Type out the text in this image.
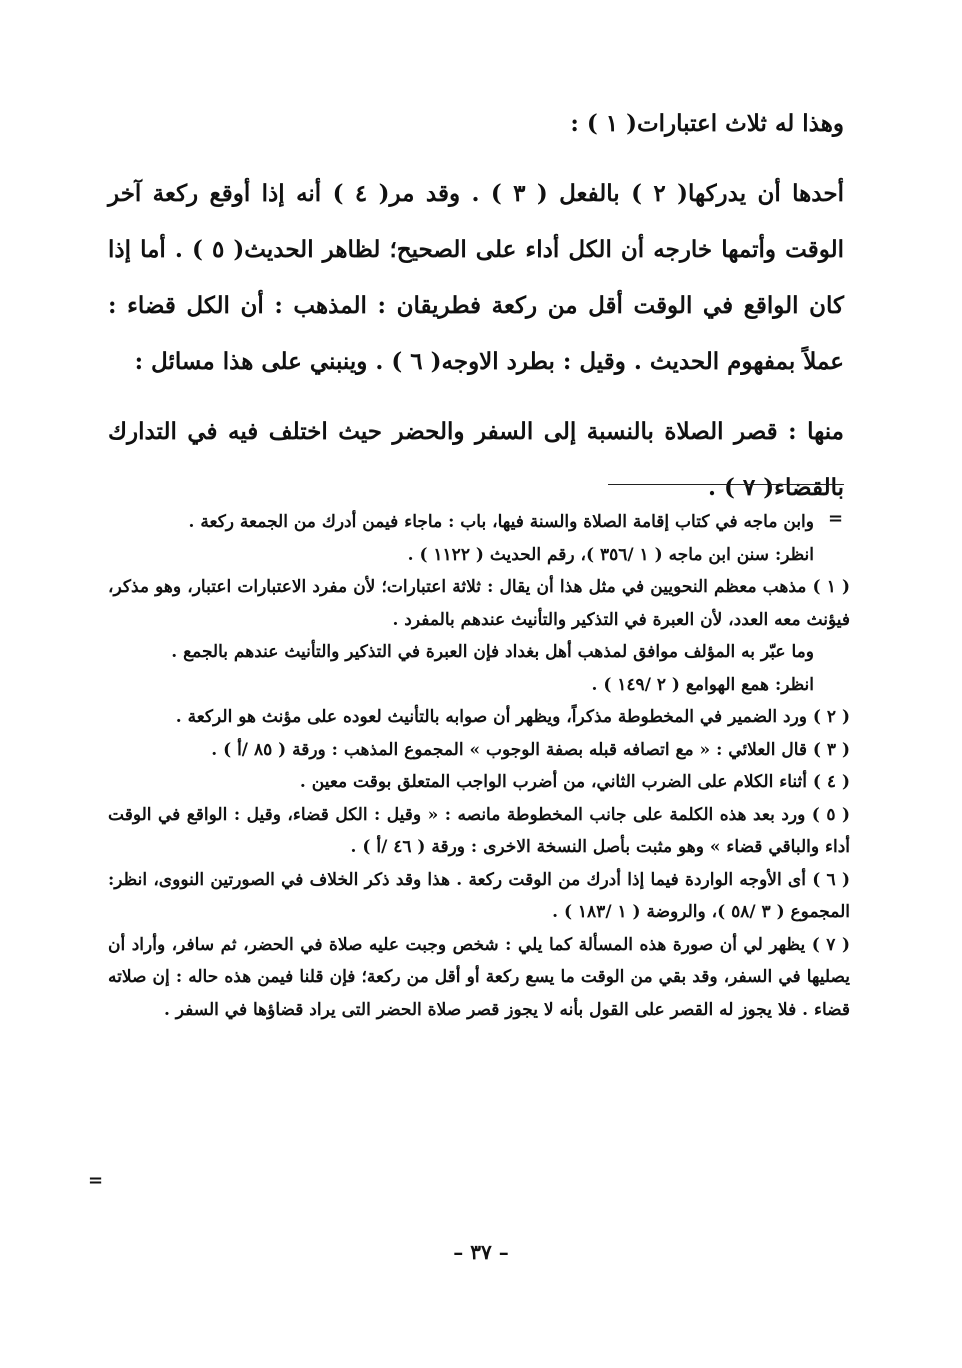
وهذا له ثلاث اعتبارات( ١ ) :

أحدها أن يدركها( ٢ ) بالفعل ( ٣ ) . وقد مر( ٤ ) أنه إذا أوقع ركعة آخر الوقت وأتمها خارجه أن الكل أداء على الصحيح؛ لظاهر الحديث( ٥ ) . أما إذا كان الواقع في الوقت أقل من ركعة فطريقان : المذهب : أن الكل قضاء : عملاً بمفهوم الحديث . وقيل : بطرد الاوجه( ٦ ) . وينبني على هذا مسائل :

منها : قصر الصلاة بالنسبة إلى السفر والحضر حيث اختلف فيه في التدارك بالقضاء( ٧ ) .

=

وابن ماجه في كتاب إقامة الصلاة والسنة فيها، باب : ماجاء فيمن أدرك من الجمعة ركعة .

انظر: سنن ابن ماجه ( ١ /٣٥٦ )، رقم الحديث ( ١١٢٢ ) .

( ١ ) مذهب معظم النحويين في مثل هذا أن يقال : ثلاثة اعتبارات؛ لأن مفرد الاعتبارات اعتبار، وهو مذكر، فيؤنث معه العدد، لأن العبرة في التذكير والتأنيث عندهم بالمفرد .

وما عبّر به المؤلف موافق لمذهب أهل بغداد فإن العبرة في التذكير والتأنيث عندهم بالجمع .

انظر: همع الهوامع ( ٢ /١٤٩ ) .

( ٢ ) ورد الضمير في المخطوطة مذكراً، ويظهر أن صوابه بالتأنيث لعوده على مؤنث هو الركعة .

( ٣ ) قال العلائي : « مع اتصافه قبله بصفة الوجوب » المجموع المذهب : ورقة ( ٨٥ /أ ) .

( ٤ ) أثناء الكلام على الضرب الثاني، من أضرب الواجب المتعلق بوقت معين .

( ٥ ) ورد بعد هذه الكلمة على جانب المخطوطة مانصه : « وقيل : الكل قضاء، وقيل : الواقع في الوقت أداء والباقي قضاء » وهو مثبت بأصل النسخة الاخرى : ورقة ( ٤٦ /أ ) .

( ٦ ) أى الأوجه الواردة فيما إذا أدرك من الوقت ركعة . هذا وقد ذكر الخلاف في الصورتين النووى، انظر: المجموع ( ٣ /٥٨ )، والروضة ( ١ /١٨٣ ) .

( ٧ ) يظهر لي أن صورة هذه المسألة كما يلي : شخص وجبت عليه صلاة في الحضر، ثم سافر، وأراد أن يصليها في السفر، وقد بقي من الوقت ما يسع ركعة أو أقل من ركعة؛ فإن قلنا فيمن هذه حاله : إن صلاته قضاء . فلا يجوز له القصر على القول بأنه لا يجوز قصر صلاة الحضر التى يراد قضاؤها في السفر .

=
– ٣٧ –
